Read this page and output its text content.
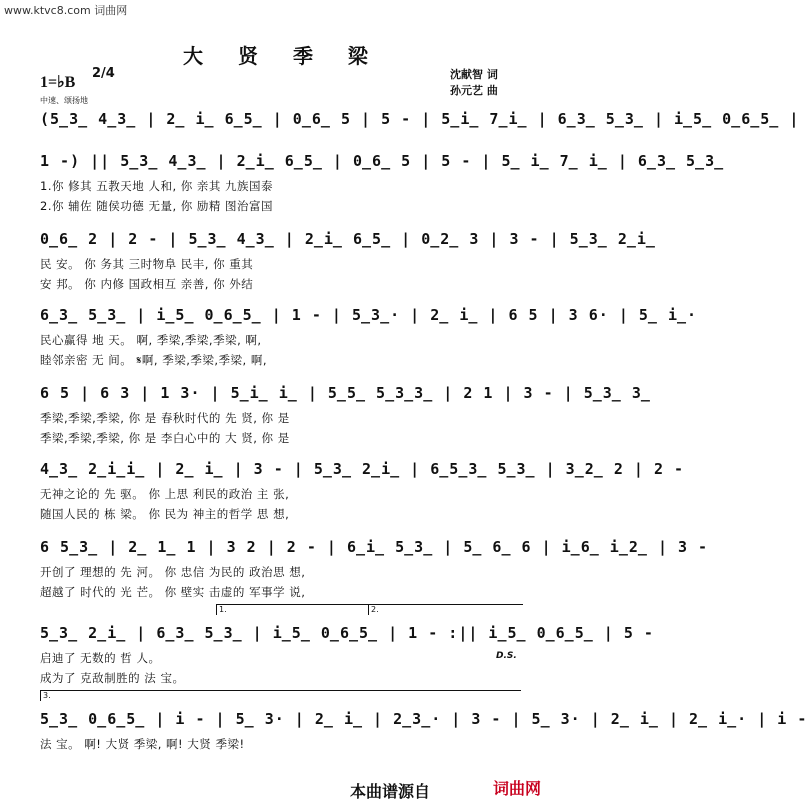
www.ktvc8.com 词曲网
大 贤 季 梁
1=♭B
2/4
中速、颂扬地
沈献智 词
孙元艺 曲
(5̲3̲ 4̲3̲ | 2̲ i̲ 6̲5̲ | 0̲6̲ 5 | 5 - | 5̲i̲ 7̲i̲ | 6̲3̲ 5̲3̲ | i̲5̲ 0̲6̲5̲ |
1 -) || 5̲3̲ 4̲3̲ | 2̲i̲ 6̲5̲ | 0̲6̲ 5 | 5 - | 5̲ i̲ 7̲ i̲ | 6̲3̲ 5̲3̲
1.你 修其 五教天地 人和, 你 亲其 九族国泰
2.你 辅佐 随侯功德 无量, 你 励精 图治富国
0̲6̲ 2 | 2 - | 5̲3̲ 4̲3̲ | 2̲i̲ 6̲5̲ | 0̲2̲ 3 | 3 - | 5̲3̲ 2̲i̲
民 安。 你 务其 三时物阜 民丰, 你 重其
安 邦。 你 内修 国政相互 亲善, 你 外结
6̲3̲ 5̲3̲ | i̲5̲ 0̲6̲5̲ | 1 - | 5̲3̲· | 2̲ i̲ | 6 5 | 3 6· | 5̲ i̲·
民心赢得 地 天。 啊, 季梁,季梁,季梁, 啊,
睦邻亲密 无 间。 𝄋啊, 季梁,季梁,季梁, 啊,
6 5 | 6 3 | 1 3· | 5̲i̲ i̲ | 5̲5̲ 5̲3̲3̲ | 2 1 | 3 - | 5̲3̲ 3̲
季梁,季梁,季梁, 你 是 春秋时代的 先 贤, 你 是
季梁,季梁,季梁, 你 是 李白心中的 大 贤, 你 是
4̲3̲ 2̲i̲i̲ | 2̲ i̲ | 3 - | 5̲3̲ 2̲i̲ | 6̲5̲3̲ 5̲3̲ | 3̲2̲ 2 | 2 -
无神之论的 先 驱。 你 上思 利民的政治 主 张,
随国人民的 栋 梁。 你 民为 神主的哲学 思 想,
6 5̲3̲ | 2̲ 1̲ 1 | 3 2 | 2 - | 6̲i̲ 5̲3̲ | 5̲ 6̲ 6 | i̲6̲ i̲2̲ | 3 -
开创了 理想的 先 河。 你 忠信 为民的 政治思 想,
超越了 时代的 光 芒。 你 壁实 击虚的 军事学 说,
5̲3̲ 2̲i̲ | 6̲3̲ 5̲3̲ | i̲5̲ 0̲6̲5̲ | 1 - :|| i̲5̲ 0̲6̲5̲ | 5 -
启迪了 无数的 哲 人。
成为了 克敌制胜的 法 宝。
5̲3̲ 0̲6̲5̲ | i - | 5̲ 3· | 2̲ i̲ | 2̲3̲· | 3 - | 5̲ 3· | 2̲ i̲ | 2̲ i̲· | i -
法 宝。 啊! 大贤 季梁, 啊! 大贤 季梁!
1.	2.
3.
D.S.
本曲谱源自	词曲网
